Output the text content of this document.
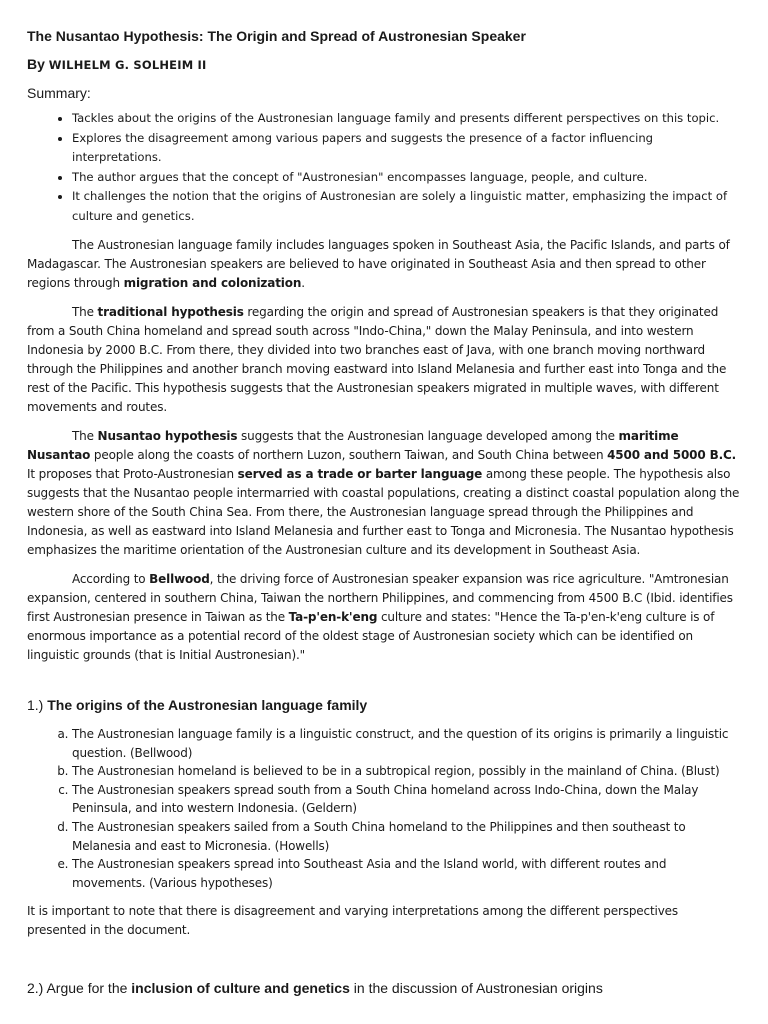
The Nusantao Hypothesis: The Origin and Spread of Austronesian Speaker
By WILHELM G. SOLHEIM II
Summary:
• Tackles about the origins of the Austronesian language family and presents different perspectives on this topic.
• Explores the disagreement among various papers and suggests the presence of a factor influencing interpretations.
• The author argues that the concept of "Austronesian" encompasses language, people, and culture.
• It challenges the notion that the origins of Austronesian are solely a linguistic matter, emphasizing the impact of culture and genetics.

The Austronesian language family includes languages spoken in Southeast Asia, the Pacific Islands, and parts of Madagascar. The Austronesian speakers are believed to have originated in Southeast Asia and then spread to other regions through migration and colonization.

The traditional hypothesis regarding the origin and spread of Austronesian speakers is that they originated from a South China homeland and spread south across "Indo-China," down the Malay Peninsula, and into western Indonesia by 2000 B.C. From there, they divided into two branches east of Java, with one branch moving northward through the Philippines and another branch moving eastward into Island Melanesia and further east into Tonga and the rest of the Pacific. This hypothesis suggests that the Austronesian speakers migrated in multiple waves, with different movements and routes.

The Nusantao hypothesis suggests that the Austronesian language developed among the maritime Nusantao people along the coasts of northern Luzon, southern Taiwan, and South China between 4500 and 5000 B.C. It proposes that Proto-Austronesian served as a trade or barter language among these people. The hypothesis also suggests that the Nusantao people intermarried with coastal populations, creating a distinct coastal population along the western shore of the South China Sea. From there, the Austronesian language spread through the Philippines and Indonesia, as well as eastward into Island Melanesia and further east to Tonga and Micronesia. The Nusantao hypothesis emphasizes the maritime orientation of the Austronesian culture and its development in Southeast Asia.

According to Bellwood, the driving force of Austronesian speaker expansion was rice agriculture. "Amtronesian expansion, centered in southern China, Taiwan the northern Philippines, and commencing from 4500 B.C (Ibid. identifies first Austronesian presence in Taiwan as the Ta-p'en-k'eng culture and states: "Hence the Ta-p'en-k'eng culture is of enormous importance as a potential record of the oldest stage of Austronesian society which can be identified on linguistic grounds (that is Initial Austronesian)."

1.) The origins of the Austronesian language family
a. The Austronesian language family is a linguistic construct, and the question of its origins is primarily a linguistic question. (Bellwood)
b. The Austronesian homeland is believed to be in a subtropical region, possibly in the mainland of China. (Blust)
c. The Austronesian speakers spread south from a South China homeland across Indo-China, down the Malay Peninsula, and into western Indonesia. (Geldern)
d. The Austronesian speakers sailed from a South China homeland to the Philippines and then southeast to Melanesia and east to Micronesia. (Howells)
e. The Austronesian speakers spread into Southeast Asia and the Island world, with different routes and movements. (Various hypotheses)

It is important to note that there is disagreement and varying interpretations among the different perspectives presented in the document.

2.) Argue for the inclusion of culture and genetics in the discussion of Austronesian origins
